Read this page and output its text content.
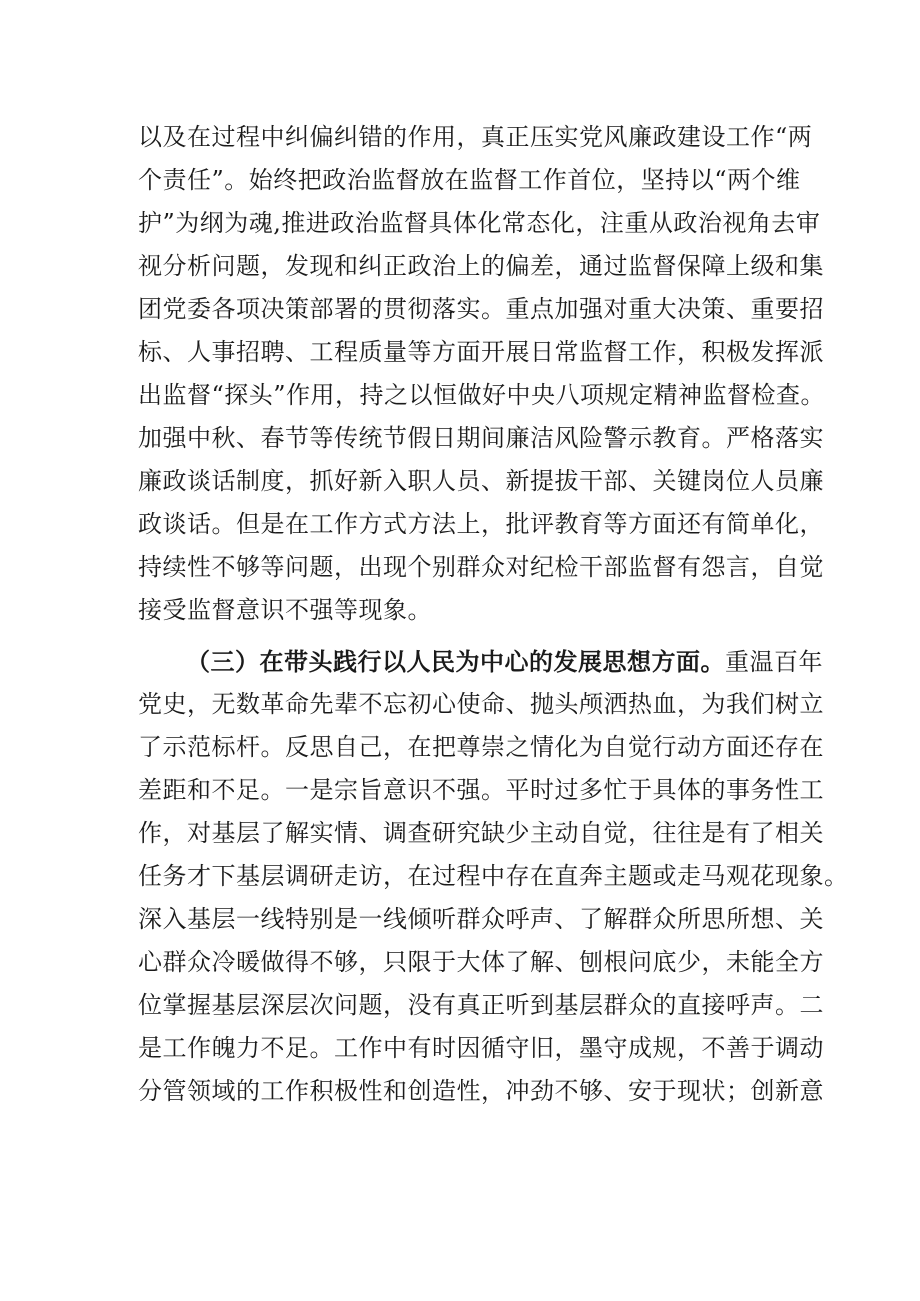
以及在过程中纠偏纠错的作用，真正压实党风廉政建设工作“两
个责任”。始终把政治监督放在监督工作首位，坚持以“两个维
护”为纲为魂,推进政治监督具体化常态化，注重从政治视角去审
视分析问题，发现和纠正政治上的偏差，通过监督保障上级和集
团党委各项决策部署的贯彻落实。重点加强对重大决策、重要招
标、人事招聘、工程质量等方面开展日常监督工作，积极发挥派
出监督“探头”作用，持之以恒做好中央八项规定精神监督检查。
加强中秋、春节等传统节假日期间廉洁风险警示教育。严格落实
廉政谈话制度，抓好新入职人员、新提拔干部、关键岗位人员廉
政谈话。但是在工作方式方法上，批评教育等方面还有简单化，
持续性不够等问题，出现个别群众对纪检干部监督有怨言，自觉
接受监督意识不强等现象。
（三）在带头践行以人民为中心的发展思想方面。重温百年
党史，无数革命先辈不忘初心使命、抛头颅洒热血，为我们树立
了示范标杆。反思自己，在把尊崇之情化为自觉行动方面还存在
差距和不足。一是宗旨意识不强。平时过多忙于具体的事务性工
作，对基层了解实情、调查研究缺少主动自觉，往往是有了相关
任务才下基层调研走访，在过程中存在直奔主题或走马观花现象。
深入基层一线特别是一线倾听群众呼声、了解群众所思所想、关
心群众冷暖做得不够，只限于大体了解、刨根问底少，未能全方
位掌握基层深层次问题，没有真正听到基层群众的直接呼声。二
是工作魄力不足。工作中有时因循守旧，墨守成规，不善于调动
分管领域的工作积极性和创造性，冲劲不够、安于现状；创新意
